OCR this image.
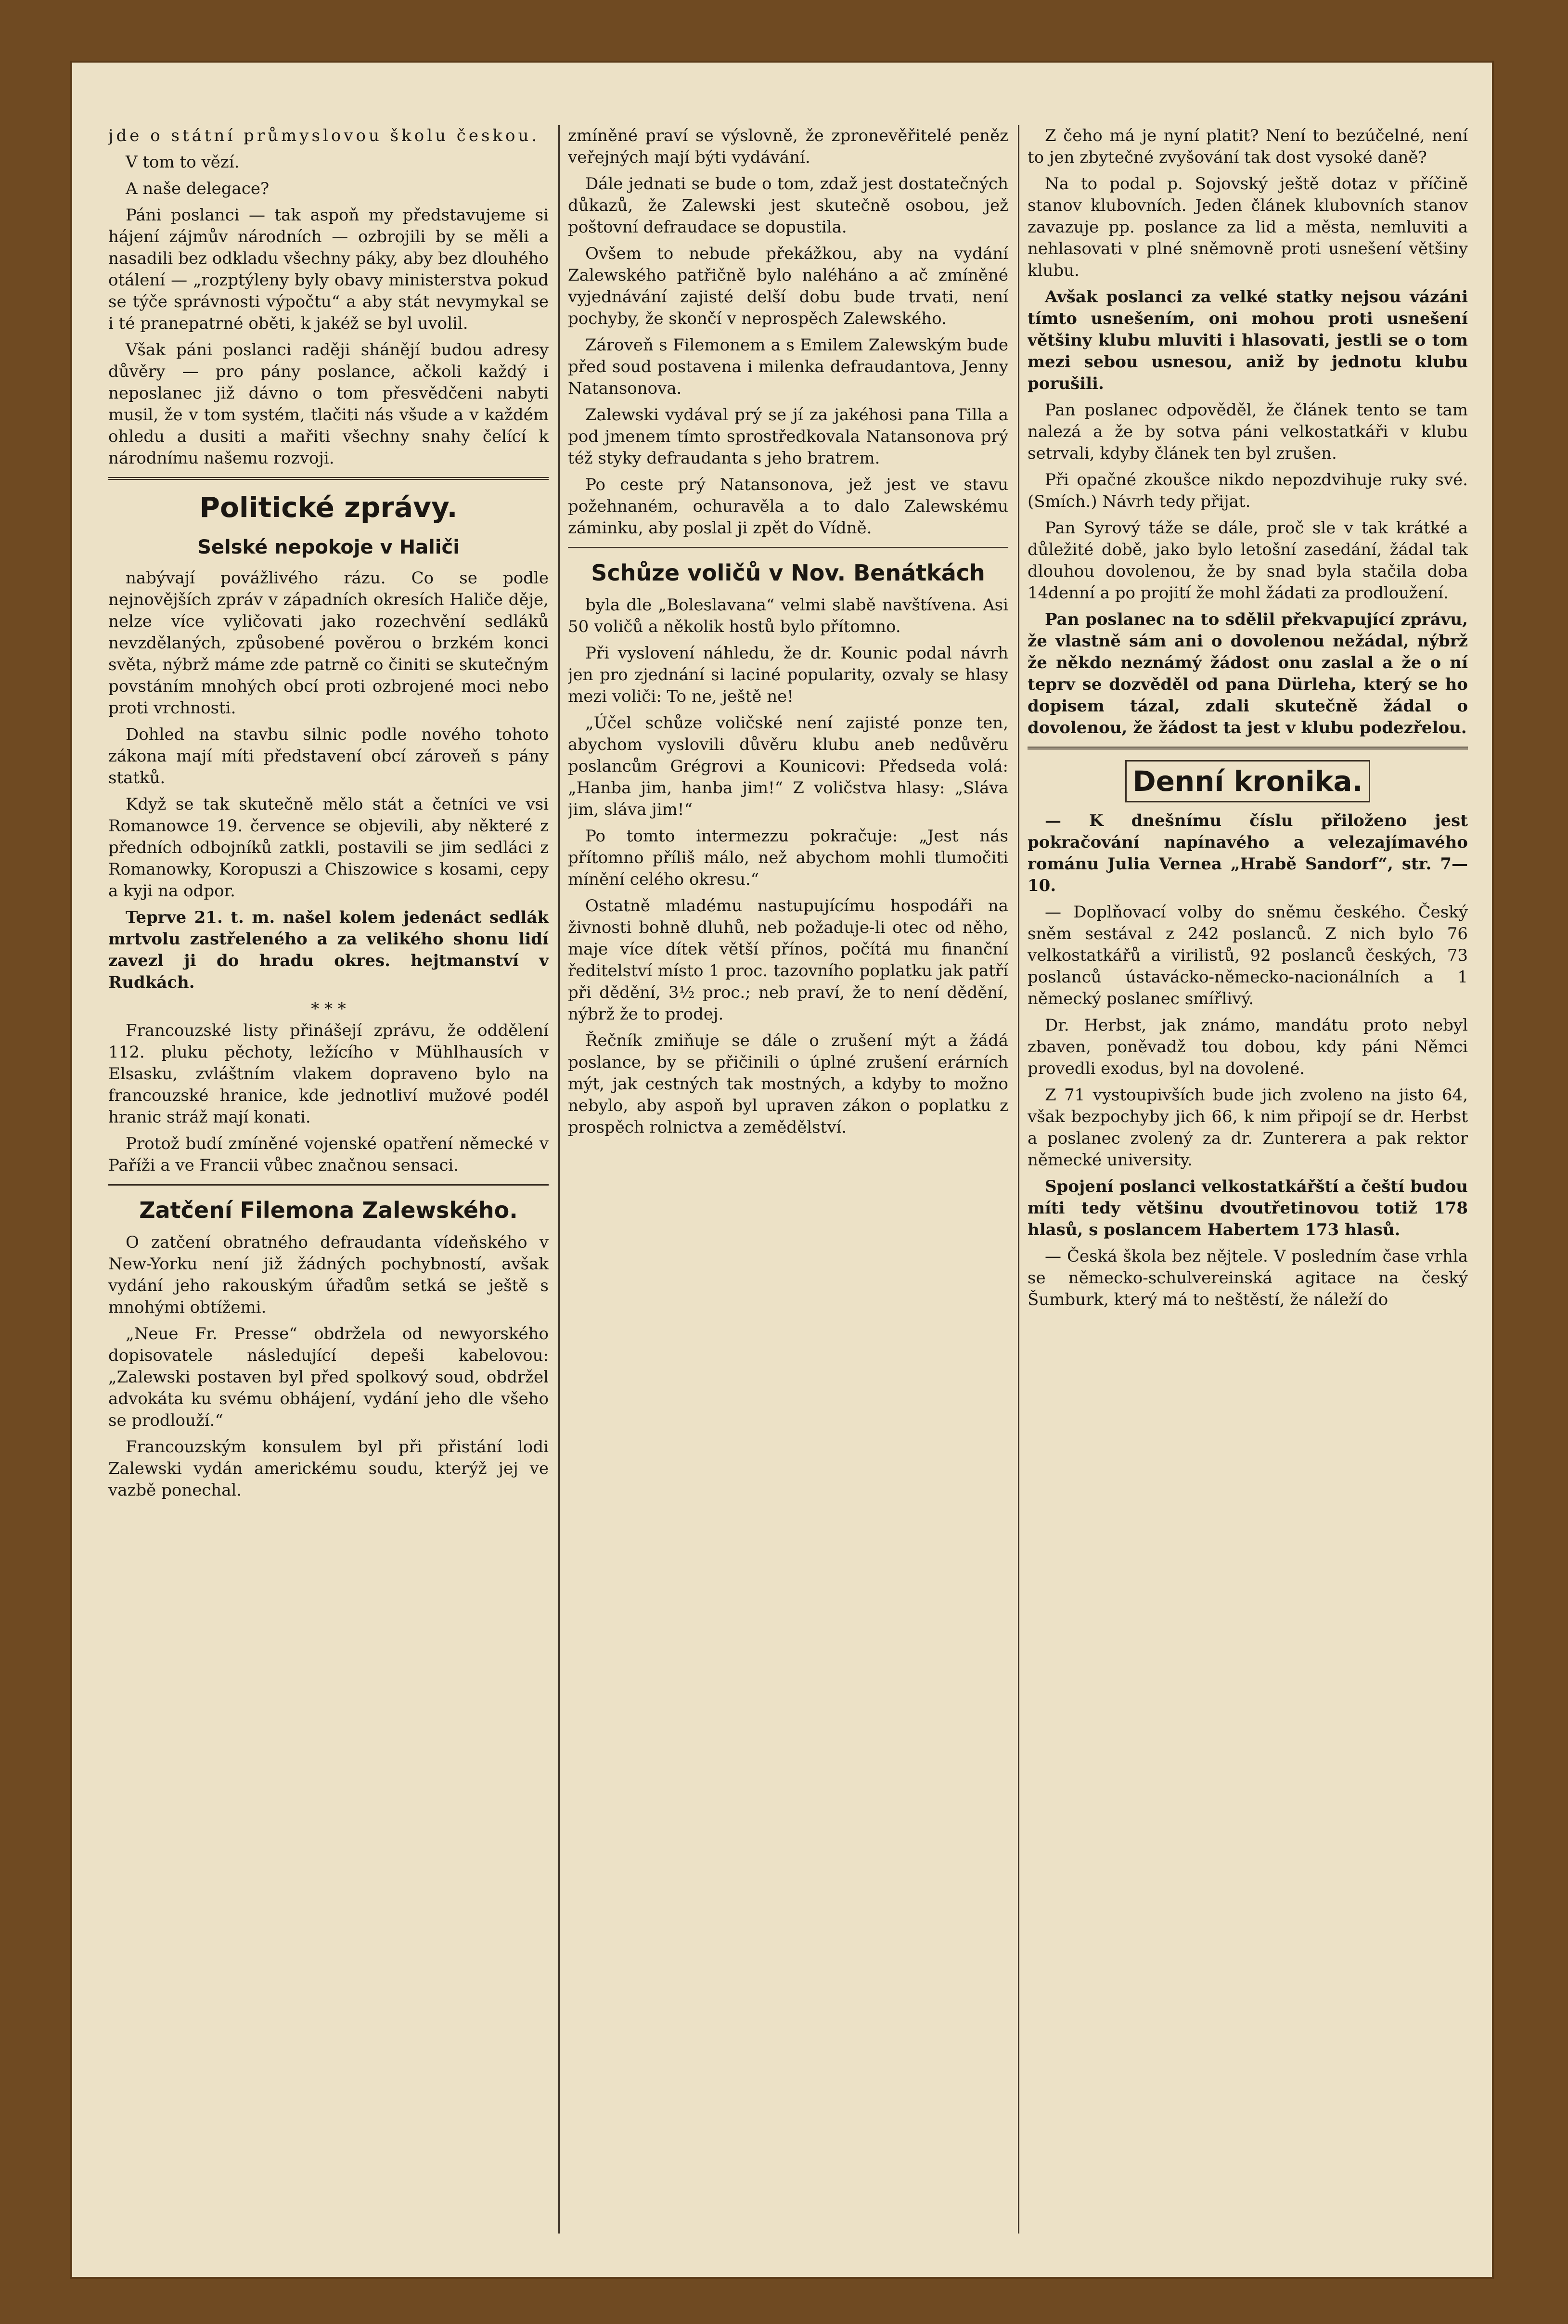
jde o státní průmyslovou školu českou.

V tom to vězí.

A naše delegace?

Páni poslanci — tak aspoň my představujeme si hájení zájmův národních — ozbrojili by se měli a nasadili bez odkladu všechny páky, aby bez dlouhého otálení — „rozptýleny byly obavy ministerstva pokud se týče správnosti výpočtu“ a aby stát nevymykal se i té pranepatrné oběti, k jakéž se byl uvolil.

Však páni poslanci raději shánějí budou adresy důvěry — pro pány poslance, ačkoli každý i neposlanec již dávno o tom přesvědčeni nabyti musil, že v tom systém, tlačiti nás všude a v každém ohledu a dusiti a mařiti všechny snahy čelící k národnímu našemu rozvoji.

Politické zprávy.
Selské nepokoje v Haliči

nabývají povážlivého rázu. Co se podle nejnovějších zpráv v západních okresích Haliče děje, nelze více vyličovati jako rozechvění sedláků nevzdělaných, způsobené pověrou o brzkém konci světa, nýbrž máme zde patrně co činiti se skutečným povstáním mnohých obcí proti ozbrojené moci nebo proti vrchnosti.

Dohled na stavbu silnic podle nového tohoto zákona mají míti představení obcí zároveň s pány statků.

Když se tak skutečně mělo stát a četníci ve vsi Romanowce 19. července se objevili, aby některé z předních odbojníků zatkli, postavili se jim sedláci z Romanowky, Koropuszi a Chiszowice s kosami, cepy a kyji na odpor.

Teprve 21. t. m. našel kolem jedenáct sedlák mrtvolu zastřeleného a za velikého shonu lidí zavezl ji do hradu okres. hejtmanství v Rudkách.

* * *

Francouzské listy přinášejí zprávu, že oddělení 112. pluku pěchoty, ležícího v Mühlhausích v Elsasku, zvláštním vlakem dopraveno bylo na francouzské hranice, kde jednotliví mužové podél hranic stráž mají konati.

Protož budí zmíněné vojenské opatření německé v Paříži a ve Francii vůbec značnou sensaci.

Zatčení Filemona Zalewského.

O zatčení obratného defraudanta vídeňského v New-Yorku není již žádných pochybností, avšak vydání jeho rakouským úřadům setká se ještě s mnohými obtížemi.

„Neue Fr. Presse“ obdržela od newyorského dopisovatele následující depeši kabelovou: „Zalewski postaven byl před spolkový soud, obdržel advokáta ku svému obhájení, vydání jeho dle všeho se prodlouží.“

Francouzským konsulem byl při přistání lodi Zalewski vydán americkému soudu, kterýž jej ve vazbě ponechal.

zmíněné praví se výslovně, že zpronevěřitelé peněz veřejných mají býti vydávání.

Dále jednati se bude o tom, zdaž jest dostatečných důkazů, že Zalewski jest skutečně osobou, jež poštovní defraudace se dopustila.

Ovšem to nebude překážkou, aby na vydání Zalewského patřičně bylo naléháno a ač zmíněné vyjednávání zajisté delší dobu bude trvati, není pochyby, že skončí v neprospěch Zalewského.

Zároveň s Filemonem a s Emilem Zalewským bude před soud postavena i milenka defraudantova, Jenny Natansonova.

Zalewski vydával prý se jí za jakéhosi pana Tilla a pod jmenem tímto sprostředkovala Natansonova prý též styky defraudanta s jeho bratrem.

Po ceste prý Natansonova, jež jest ve stavu požehnaném, ochuravěla a to dalo Zalewskému záminku, aby poslal ji zpět do Vídně.

Schůze voličů v Nov. Benátkách

byla dle „Boleslavana“ velmi slabě navštívena. Asi 50 voličů a několik hostů bylo přítomno.

Při vyslovení náhledu, že dr. Kounic podal návrh jen pro zjednání si laciné popularity, ozvaly se hlasy mezi voliči: To ne, ještě ne!

„Účel schůze voličské není zajisté ponze ten, abychom vyslovili důvěru klubu aneb nedůvěru poslancům Grégrovi a Kounicovi: Předseda volá: „Hanba jim, hanba jim!“ Z voličstva hlasy: „Sláva jim, sláva jim!“

Po tomto intermezzu pokračuje: „Jest nás přítomno příliš málo, než abychom mohli tlumočiti mínění celého okresu.“

Ostatně mladému nastupujícímu hospodáři na živnosti bohně dluhů, neb požaduje-li otec od něho, maje více dítek větší přínos, počítá mu finanční ředitelství místo 1 proc. tazovního poplatku jak patří při dědění, 3½ proc.; neb praví, že to není dědění, nýbrž že to prodej.

Řečník zmiňuje se dále o zrušení mýt a žádá poslance, by se přičinili o úplné zrušení erárních mýt, jak cestných tak mostných, a kdyby to možno nebylo, aby aspoň byl upraven zákon o poplatku z prospěch rolnictva a zemědělství.

Z čeho má je nyní platit? Není to bezúčelné, není to jen zbytečné zvyšování tak dost vysoké daně?

Na to podal p. Sojovský ještě dotaz v příčině stanov klubovních. Jeden článek klubovních stanov zavazuje pp. poslance za lid a města, nemluviti a nehlasovati v plné sněmovně proti usnešení většiny klubu.

Avšak poslanci za velké statky nejsou vázáni tímto usnešením, oni mohou proti usnešení většiny klubu mluviti i hlasovati, jestli se o tom mezi sebou usnesou, aniž by jednotu klubu porušili.

Pan poslanec odpověděl, že článek tento se tam nalezá a že by sotva páni velkostatkáři v klubu setrvali, kdyby článek ten byl zrušen.

Při opačné zkoušce nikdo nepozdvihuje ruky své. (Smích.) Návrh tedy přijat.

Pan Syrový táže se dále, proč sle v tak krátké a důležité době, jako bylo letošní zasedání, žádal tak dlouhou dovolenou, že by snad byla stačila doba 14denní a po projití že mohl žádati za prodloužení.

Pan poslanec na to sdělil překvapující zprávu, že vlastně sám ani o dovolenou nežádal, nýbrž že někdo neznámý žádost onu zaslal a že o ní teprv se dozvěděl od pana Dürleha, který se ho dopisem tázal, zdali skutečně žádal o dovolenou, že žádost ta jest v klubu podezřelou.

Denní kronika.

— K dnešnímu číslu přiloženo jest pokračování napínavého a velezajímavého románu Julia Vernea „Hrabě Sandorf“, str. 7—10.

— Doplňovací volby do sněmu českého. Český sněm sestával z 242 poslanců. Z nich bylo 76 velkostatkářů a virilistů, 92 poslanců českých, 73 poslanců ústavácko-německo-nacionálních a 1 německý poslanec smířlivý.

Dr. Herbst, jak známo, mandátu proto nebyl zbaven, poněvadž tou dobou, kdy páni Němci provedli exodus, byl na dovolené.

Z 71 vystoupivších bude jich zvoleno na jisto 64, však bezpochyby jich 66, k nim připojí se dr. Herbst a poslanec zvolený za dr. Zunterera a pak rektor německé university.

Spojení poslanci velkostatkářští a čeští budou míti tedy většinu dvoutřetinovou totiž 178 hlasů, s poslancem Habertem 173 hlasů.

— Česká škola bez nějtele. V posledním čase vrhla se německo-schulvereinská agitace na český Šumburk, který má to neštěstí, že náleží do
